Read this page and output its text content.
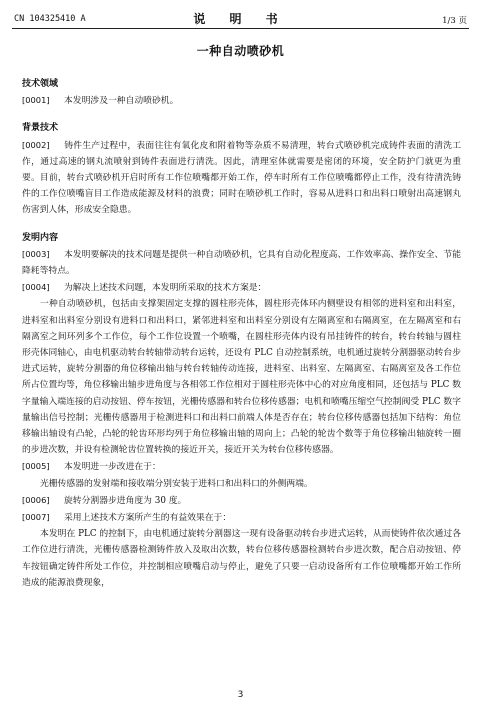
CN 104325410 A	说 明 书	1/3 页
一种自动喷砂机

技术领域

[0001] 本发明涉及一种自动喷砂机。

背景技术

[0002] 铸件生产过程中，表面往往有氧化皮和附着物等杂质不易清理，转台式喷砂机完成铸件表面的清洗工作，通过高速的钢丸流喷射到铸件表面进行清洗。因此，清理室体就需要是密闭的环境，安全防护门就更为重要。目前，转台式喷砂机开启时所有工作位喷嘴都开始工作，停车时所有工作位喷嘴都停止工作，没有待清洗铸件的工作位喷嘴盲目工作造成能源及材料的浪费；同时在喷砂机工作时，容易从进料口和出料口喷射出高速钢丸伤害到人体，形成安全隐患。

发明内容

[0003] 本发明要解决的技术问题是提供一种自动喷砂机，它具有自动化程度高、工作效率高、操作安全、节能降耗等特点。

[0004] 为解决上述技术问题，本发明所采取的技术方案是：

一种自动喷砂机，包括由支撑架固定支撑的圆柱形壳体，圆柱形壳体环内侧壁设有相邻的进料室和出料室，进料室和出料室分别设有进料口和出料口，紧邻进料室和出料室分别设有左隔离室和右隔离室，在左隔离室和右隔离室之间环列多个工作位，每个工作位设置一个喷嘴，在圆柱形壳体内设有吊挂铸件的转台，转台转轴与圆柱形壳体同轴心，由电机驱动转台转轴带动转台运转，还设有 PLC 自动控制系统，电机通过旋转分割器驱动转台步进式运转，旋转分割器的角位移输出轴与转台转轴传动连接，进料室、出料室、左隔离室、右隔离室及各工作位所占位置均等，角位移输出轴步进角度与各相邻工作位相对于圆柱形壳体中心的对应角度相同，还包括与 PLC 数字量输入端连接的启动按钮、停车按钮，光栅传感器和转台位移传感器；电机和喷嘴压缩空气控制阀受 PLC 数字量输出信号控制；光栅传感器用于检测进料口和出料口前端人体是否存在；转台位移传感器包括加下结构：角位移输出轴设有凸轮，凸轮的轮齿环形均列于角位移输出轴的周向上；凸轮的轮齿个数等于角位移输出轴旋转一圈的步进次数，并设有检测轮齿位置转换的接近开关，接近开关为转台位移传感器。

[0005] 本发明进一步改进在于：

光栅传感器的发射端和接收端分别安装于进料口和出料口的外侧两端。

[0006] 旋转分割器步进角度为 30 度。

[0007] 采用上述技术方案所产生的有益效果在于：

本发明在 PLC 的控制下，由电机通过旋转分割器这一现有设备驱动转台步进式运转，从而使铸件依次通过各工作位进行清洗，光栅传感器检测铸件放入及取出次数，转台位移传感器检测转台步进次数，配合启动按钮、停车按钮确定铸件所处工作位，并控制相应喷嘴启动与停止，避免了只要一启动设备所有工作位喷嘴都开始工作所造成的能源浪费现象，

3
